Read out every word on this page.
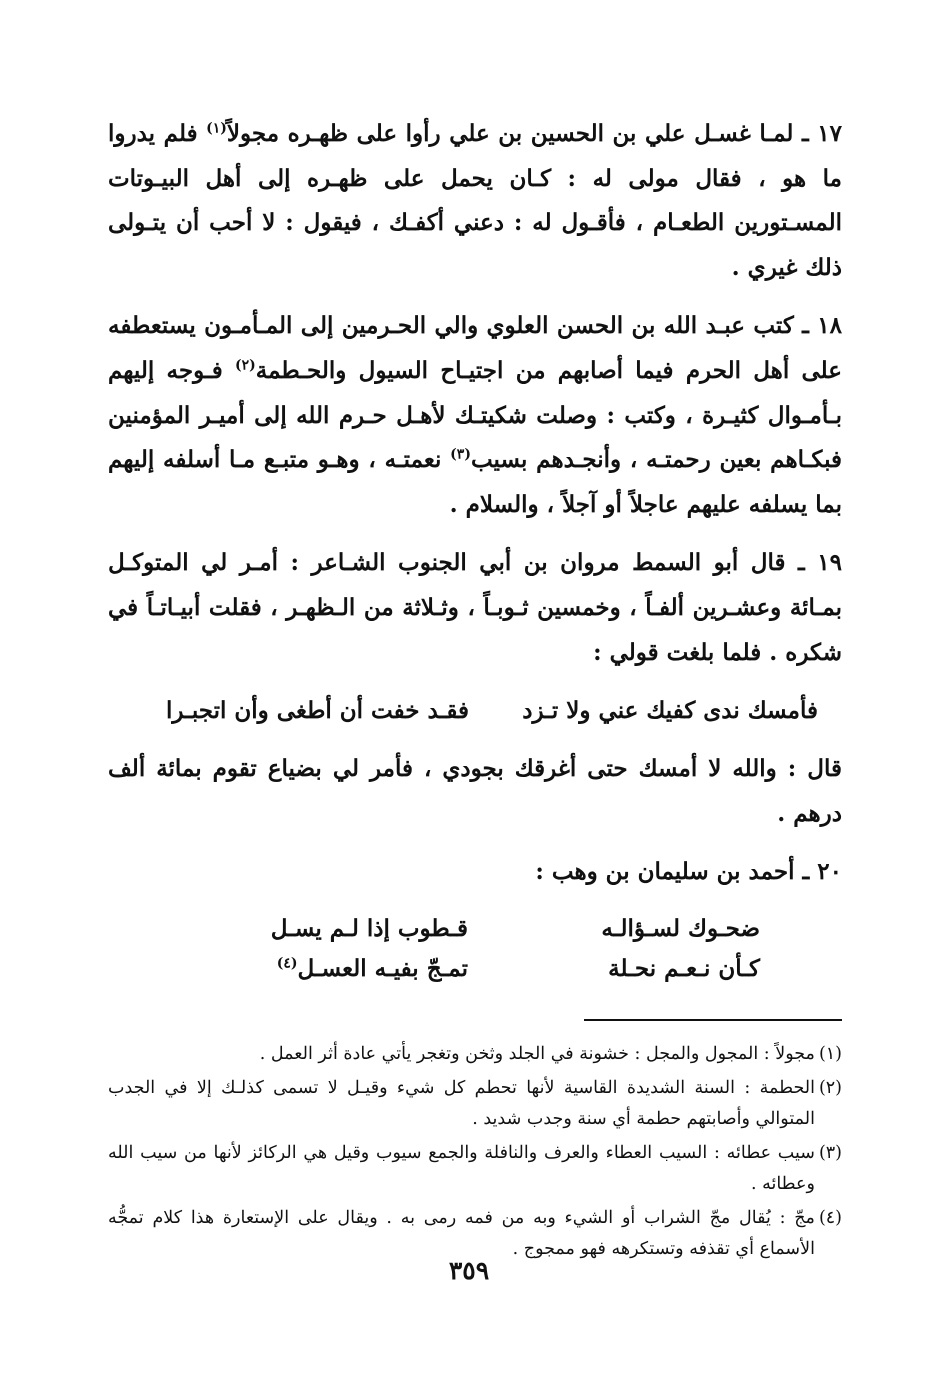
١٧ ـ لمـا غسـل علي بن الحسين بن علي رأوا على ظهـره مجولاً$^{(١)}$ فلم يدروا ما هو ، فقال مولى له : كـان يحمل على ظهـره إلى أهل البيـوتات المسـتورين الطعـام ، فأقـول له : دعني أكفـك ، فيقول : لا أحب أن يتـولى ذلك غيري .

١٨ ـ كتب عبـد الله بن الحسن العلوي والي الحـرمين إلى المـأمـون يستعطفه على أهل الحرم فيما أصابهم من اجتيـاح السيول والحـطمة$^{(٢)}$ فـوجه إليهم بـأمـوال كثيـرة ، وكتب : وصلت شكيتـك لأهـل حـرم الله إلى أميـر المؤمنين فبكـاهم بعين رحمتـه ، وأنجـدهم بسيب$^{(٣)}$ نعمتـه ، وهـو متبـع مـا أسلفه إليهم بما يسلفه عليهم عاجلاً أو آجلاً ، والسلام .

١٩ ـ قال أبو السمط مروان بن أبي الجنوب الشـاعر : أمـر لي المتوكـل بمـائة وعشـرين ألفـاً ، وخمسين ثـوبـاً ، وثـلاثة من الـظهـر ، فقلت أبيـاتـاً في شكره . فلما بلغت قولي :

فأمسك ندى كفيك عني ولا تـزد
فقـد خفت أن أطغى وأن اتجبـرا

قال : والله لا أمسك حتى أغرقك بجودي ، فأمر لي بضياع تقوم بمائة ألف درهم .

٢٠ ـ أحمد بن سليمان بن وهب :

ضحـوك لسـؤالـه
قـطوب إذا لـم يسـل
كـأن نـعـم نحـلة
تمـجّ بفيـه العسـل$^{(٤)}$
(١)
مجولاً : المجول والمجل : خشونة في الجلد وثخن وتغجر يأتي عادة أثر العمل .
(٢)
الحطمة : السنة الشديدة القاسية لأنها تحطم كل شيء وقيـل لا تسمى كذلـك إلا في الجدب المتوالي وأصابتهم حطمة أي سنة وجدب شديد .
(٣)
سيب عطائه : السيب العطاء والعرف والنافلة والجمع سيوب وقيل هي الركائز لأنها من سيب الله وعطائه .
(٤)
مجّ : يُقال مجّ الشراب أو الشيء وبه من فمه رمى به . ويقال على الإستعارة هذا كلام تمجُّه الأسماع أي تقذفه وتستكرهه فهو ممجوج .
٣٥٩
